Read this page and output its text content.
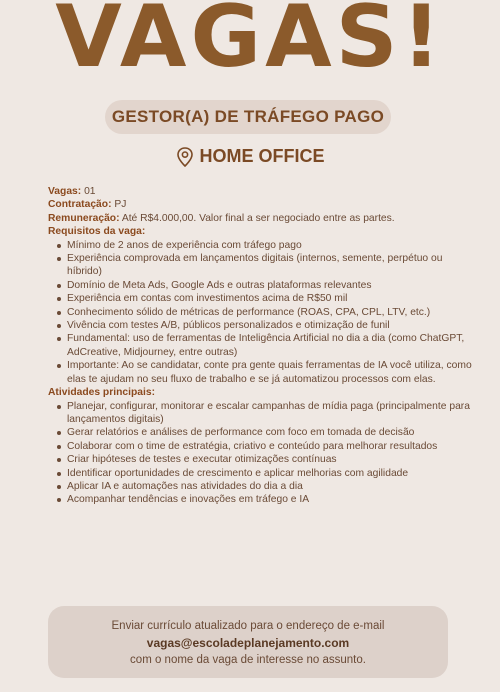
VAGAS!
GESTOR(A) DE TRÁFEGO PAGO
HOME OFFICE

Vagas: 01

Contratação: PJ

Remuneração: Até R$4.000,00. Valor final a ser negociado entre as partes.

Requisitos da vaga:

Mínimo de 2 anos de experiência com tráfego pago
Experiência comprovada em lançamentos digitais (internos, semente, perpétuo ou híbrido)
Domínio de Meta Ads, Google Ads e outras plataformas relevantes
Experiência em contas com investimentos acima de R$50 mil
Conhecimento sólido de métricas de performance (ROAS, CPA, CPL, LTV, etc.)
Vivência com testes A/B, públicos personalizados e otimização de funil
Fundamental: uso de ferramentas de Inteligência Artificial no dia a dia (como ChatGPT, AdCreative, Midjourney, entre outras)
Importante: Ao se candidatar, conte pra gente quais ferramentas de IA você utiliza, como elas te ajudam no seu fluxo de trabalho e se já automatizou processos com elas.

Atividades principais:

Planejar, configurar, monitorar e escalar campanhas de mídia paga (principalmente para lançamentos digitais)
Gerar relatórios e análises de performance com foco em tomada de decisão
Colaborar com o time de estratégia, criativo e conteúdo para melhorar resultados
Criar hipóteses de testes e executar otimizações contínuas
Identificar oportunidades de crescimento e aplicar melhorias com agilidade
Aplicar IA e automações nas atividades do dia a dia
Acompanhar tendências e inovações em tráfego e IA
Enviar currículo atualizado para o endereço de e-mail
vagas@escoladeplanejamento.com
com o nome da vaga de interesse no assunto.
